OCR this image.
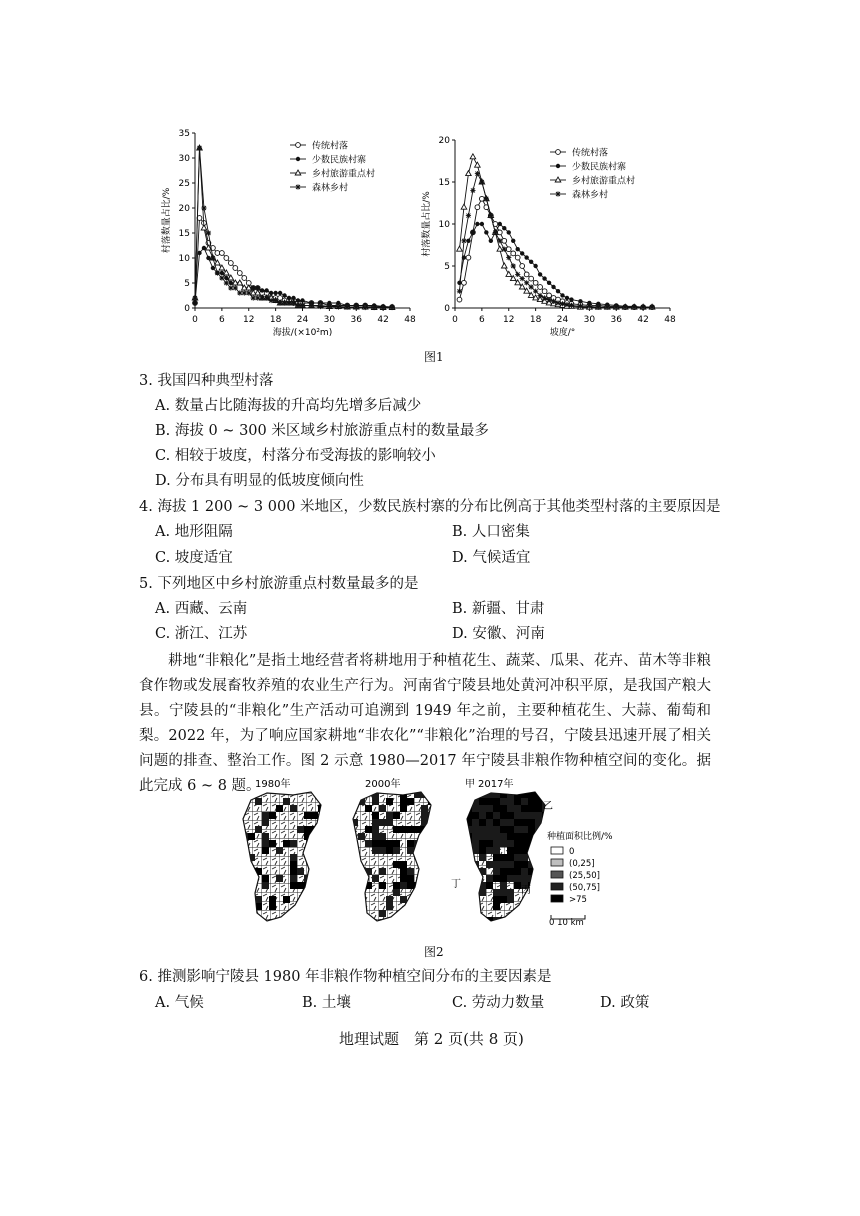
0 6 12 18 24 30 36 42 48
0
5
10
15
20
25
30
35
海拔/(×10²m)
村落数量占比/%
传统村落
少数民族村寨
乡村旅游重点村
森林乡村
0 6 12 18 24 30 36 42 48
0
5
10
15
20
坡度/°
村落数量占比/%
传统村落
少数民族村寨
乡村旅游重点村
森林乡村
图1
3. 我国四种典型村落
A. 数量占比随海拔的升高均先增多后减少
B. 海拔 0 ~ 300 米区域乡村旅游重点村的数量最多
C. 相较于坡度，村落分布受海拔的影响较小
D. 分布具有明显的低坡度倾向性
4. 海拔 1 200 ~ 3 000 米地区，少数民族村寨的分布比例高于其他类型村落的主要原因是
A. 地形阻隔	B. 人口密集
C. 坡度适宜	D. 气候适宜
5. 下列地区中乡村旅游重点村数量最多的是
A. 西藏、云南	B. 新疆、甘肃
C. 浙江、江苏	D. 安徽、河南
耕地“非粮化”是指土地经营者将耕地用于种植花生、蔬菜、瓜果、花卉、苗木等非粮食作物或发展畜牧养殖的农业生产行为。河南省宁陵县地处黄河冲积平原，是我国产粮大县。宁陵县的“非粮化”生产活动可追溯到 1949 年之前，主要种植花生、大蒜、葡萄和梨。2022 年，为了响应国家耕地“非农化”“非粮化”治理的号召，宁陵县迅速开展了相关问题的排查、整治工作。图 2 示意 1980—2017 年宁陵县非粮作物种植空间的变化。据此完成 6 ~ 8 题。
1980年	2000年	2017年
甲
乙
丙
丁
种植面积比例/%
0
(0,25]
(25,50]
(50,75]
>75
0 10 km
图2
6. 推测影响宁陵县 1980 年非粮作物种植空间分布的主要因素是
A. 气候	B. 土壤	C. 劳动力数量	D. 政策
地理试题　第 2 页(共 8 页)
